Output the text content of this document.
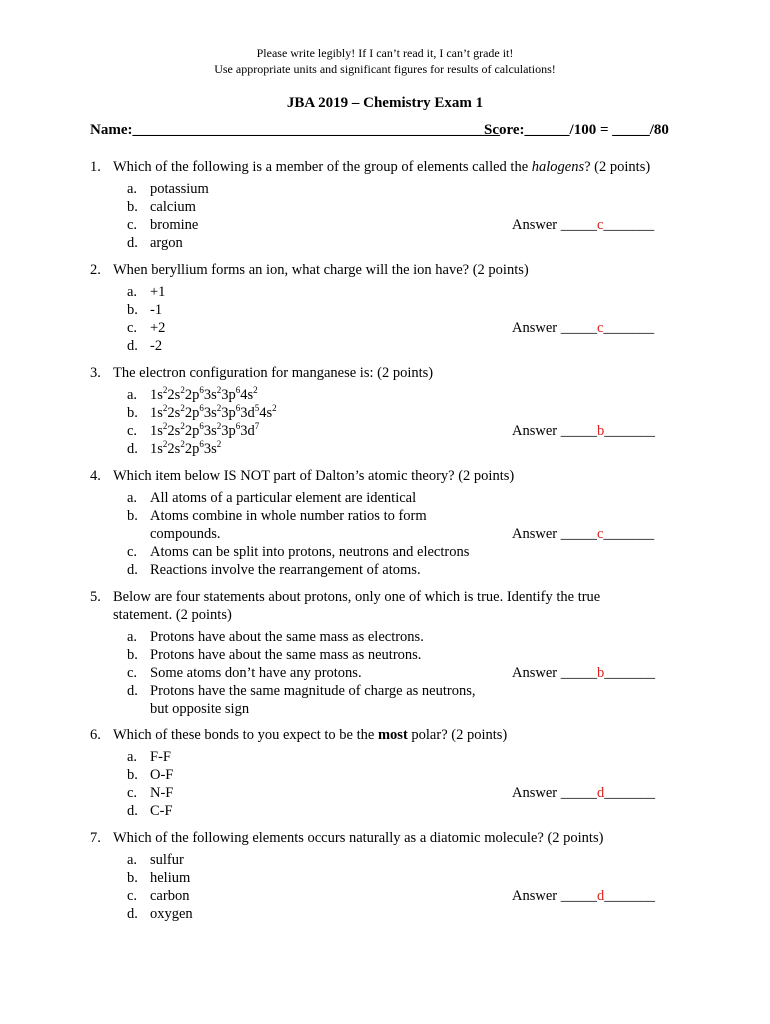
Please write legibly! If I can’t read it, I can’t grade it!
Use appropriate units and significant figures for results of calculations!
JBA 2019 – Chemistry Exam 1
Name:_________________________________________________
Score:______/100 = _____/80
1. Which of the following is a member of the group of elements called the halogens? (2 points)
a. potassium
b. calcium
c. bromine
d. argon
Answer _____c_______
2. When beryllium forms an ion, what charge will the ion have? (2 points)
a. +1
b. -1
c. +2
d. -2
Answer _____c_______
3. The electron configuration for manganese is: (2 points)
a. $1s^22s^22p^63s^23p^64s^2$
b. $1s^22s^22p^63s^23p^63d^54s^2$
c. $1s^22s^22p^63s^23p^63d^7$
d. $1s^22s^22p^63s^2$
Answer _____b_______
4. Which item below IS NOT part of Dalton’s atomic theory? (2 points)
a. All atoms of a particular element are identical
b. Atoms combine in whole number ratios to form
compounds.
c. Atoms can be split into protons, neutrons and electrons
d. Reactions involve the rearrangement of atoms.
Answer _____c_______
5. Below are four statements about protons, only one of which is true. Identify the true
statement. (2 points)
a. Protons have about the same mass as electrons.
b. Protons have about the same mass as neutrons.
c. Some atoms don’t have any protons.
d. Protons have the same magnitude of charge as neutrons,
but opposite sign
Answer _____b_______
6. Which of these bonds to you expect to be the most polar? (2 points)
a. F-F
b. O-F
c. N-F
d. C-F
Answer _____d_______
7. Which of the following elements occurs naturally as a diatomic molecule? (2 points)
a. sulfur
b. helium
c. carbon
d. oxygen
Answer _____d_______
